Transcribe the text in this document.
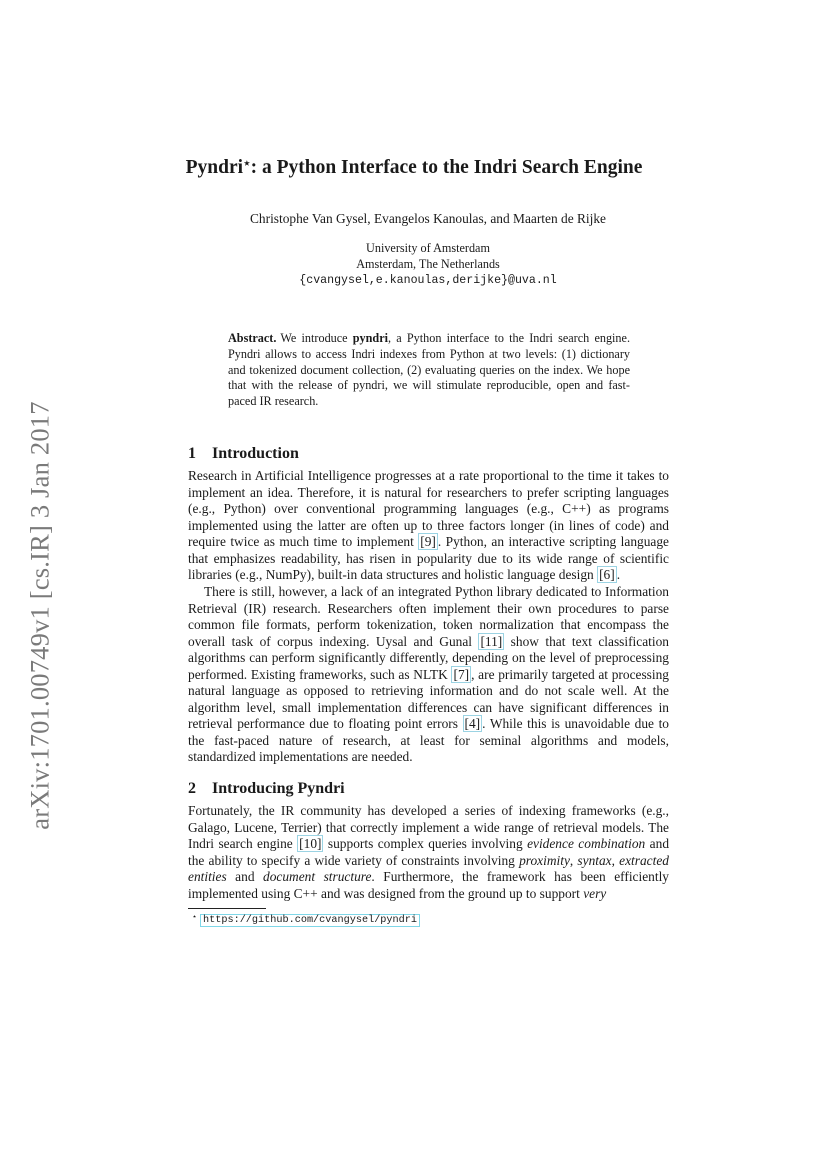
arXiv:1701.00749v1 [cs.IR] 3 Jan 2017
Pyndri⋆: a Python Interface to the Indri Search Engine
Christophe Van Gysel, Evangelos Kanoulas, and Maarten de Rijke
University of Amsterdam
Amsterdam, The Netherlands
{cvangysel,e.kanoulas,derijke}@uva.nl
Abstract. We introduce pyndri, a Python interface to the Indri search engine. Pyndri allows to access Indri indexes from Python at two levels: (1) dictionary and tokenized document collection, (2) evaluating queries on the index. We hope that with the release of pyndri, we will stimulate reproducible, open and fast-paced IR research.
1 Introduction

Research in Artificial Intelligence progresses at a rate proportional to the time it takes to implement an idea. Therefore, it is natural for researchers to prefer scripting languages (e.g., Python) over conventional programming languages (e.g., C++) as programs implemented using the latter are often up to three factors longer (in lines of code) and require twice as much time to implement [9] . Python, an interactive scripting language that emphasizes readability, has risen in popularity due to its wide range of scientific libraries (e.g., NumPy), built-in data structures and holistic language design [6] .

There is still, however, a lack of an integrated Python library dedicated to Information Retrieval (IR) research. Researchers often implement their own procedures to parse common file formats, perform tokenization, token normalization that encompass the overall task of corpus indexing. Uysal and Gunal [11] show that text classification algorithms can perform significantly differently, depending on the level of preprocessing performed. Existing frameworks, such as NLTK [7] , are primarily targeted at processing natural language as opposed to retrieving information and do not scale well. At the algorithm level, small implementation differences can have significant differences in retrieval performance due to floating point errors [4] . While this is unavoidable due to the fast-paced nature of research, at least for seminal algorithms and models, standardized implementations are needed.

2 Introducing Pyndri

Fortunately, the IR community has developed a series of indexing frameworks (e.g., Galago, Lucene, Terrier) that correctly implement a wide range of retrieval models. The Indri search engine [10] supports complex queries involving evidence combination and the ability to specify a wide variety of constraints involving proximity, syntax, extracted entities and document structure. Furthermore, the framework has been efficiently implemented using C++ and was designed from the ground up to support very

⋆ https://github.com/cvangysel/pyndri
